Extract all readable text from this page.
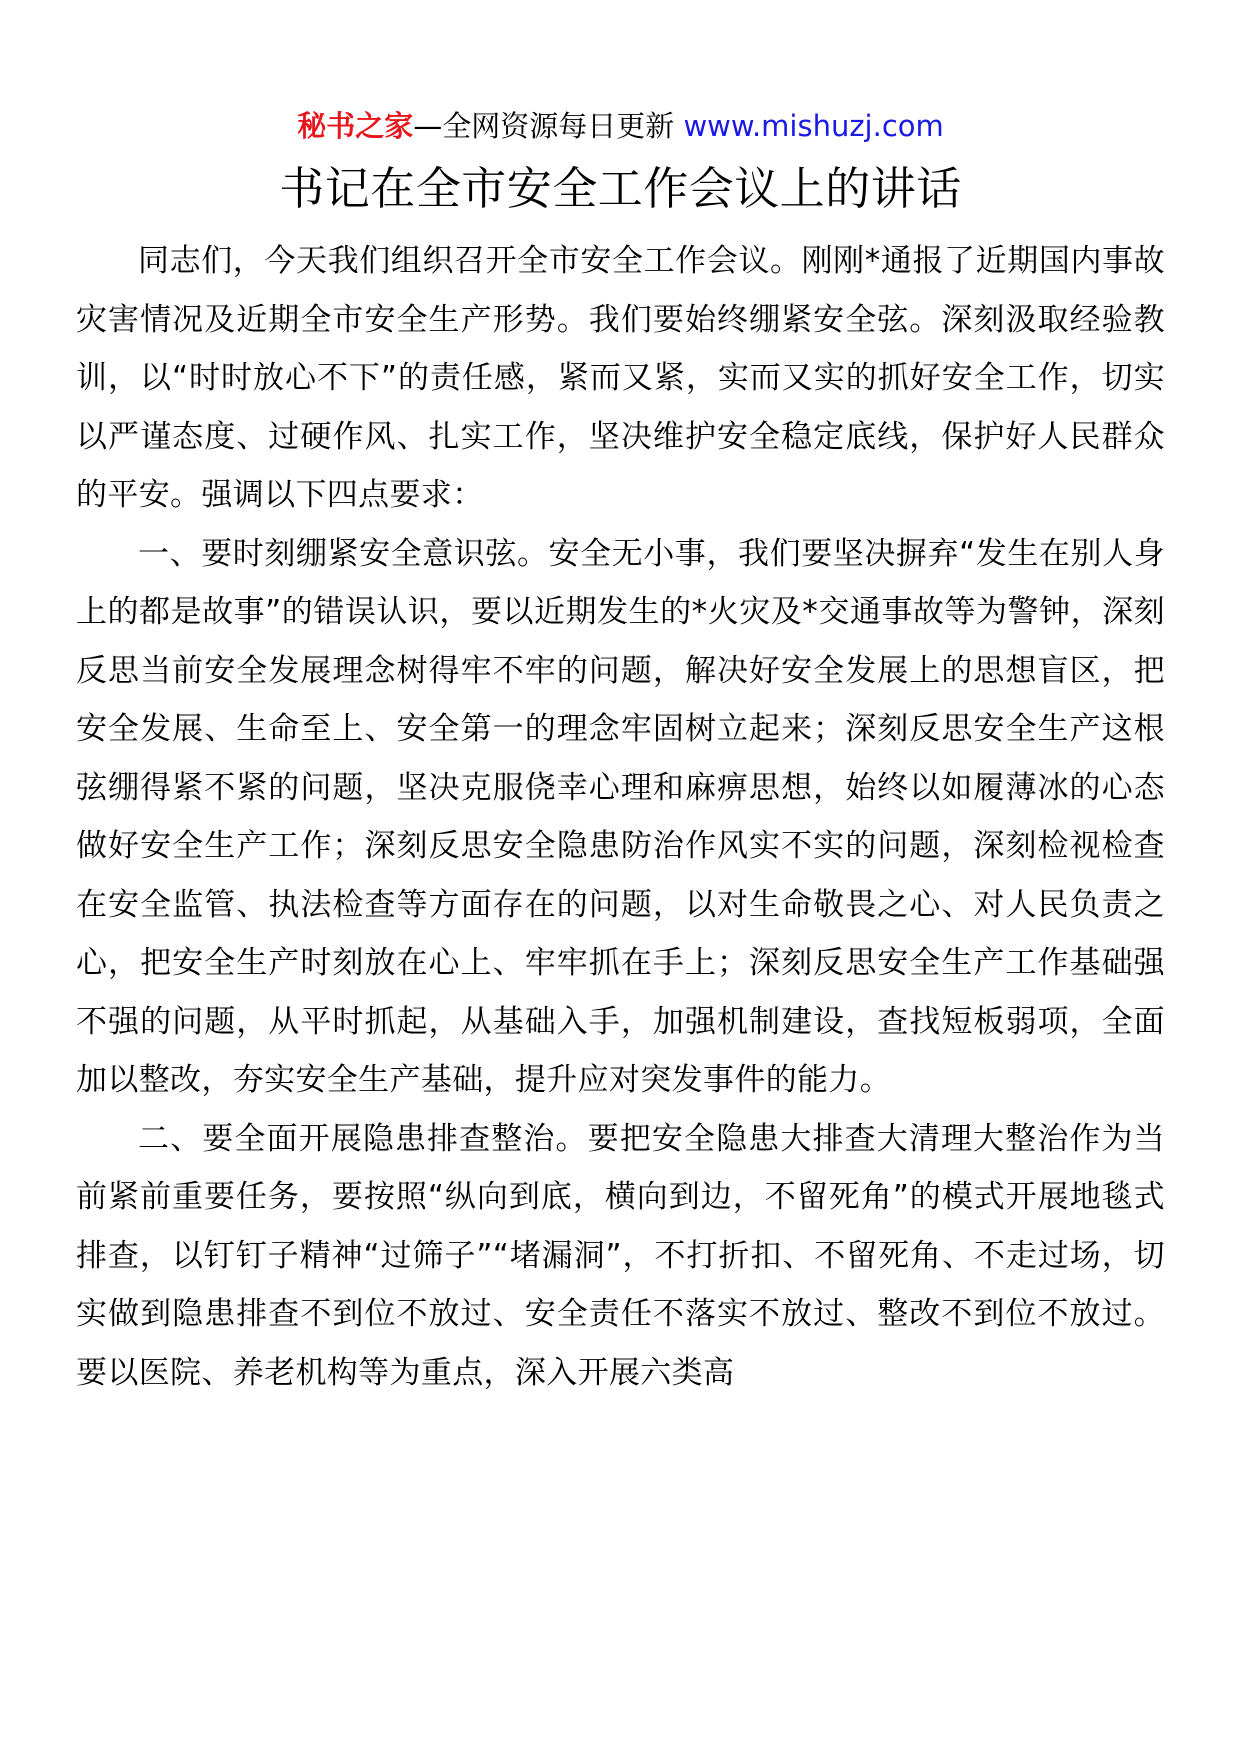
秘书之家—全网资源每日更新 www.mishuzj.com
书记在全市安全工作会议上的讲话

同志们，今天我们组织召开全市安全工作会议。刚刚*通报了近期国内事故灾害情况及近期全市安全生产形势。我们要始终绷紧安全弦。深刻汲取经验教训，以“时时放心不下”的责任感，紧而又紧，实而又实的抓好安全工作，切实以严谨态度、过硬作风、扎实工作，坚决维护安全稳定底线，保护好人民群众的平安。强调以下四点要求：

一、要时刻绷紧安全意识弦。安全无小事，我们要坚决摒弃“发生在别人身上的都是故事”的错误认识，要以近期发生的*火灾及*交通事故等为警钟，深刻反思当前安全发展理念树得牢不牢的问题，解决好安全发展上的思想盲区，把安全发展、生命至上、安全第一的理念牢固树立起来；深刻反思安全生产这根弦绷得紧不紧的问题，坚决克服侥幸心理和麻痹思想，始终以如履薄冰的心态做好安全生产工作；深刻反思安全隐患防治作风实不实的问题，深刻检视检查在安全监管、执法检查等方面存在的问题，以对生命敬畏之心、对人民负责之心，把安全生产时刻放在心上、牢牢抓在手上；深刻反思安全生产工作基础强不强的问题，从平时抓起，从基础入手，加强机制建设，查找短板弱项，全面加以整改，夯实安全生产基础，提升应对突发事件的能力。

二、要全面开展隐患排查整治。要把安全隐患大排查大清理大整治作为当前紧前重要任务，要按照“纵向到底，横向到边，不留死角”的模式开展地毯式排查，以钉钉子精神“过筛子”“堵漏洞”，不打折扣、不留死角、不走过场，切实做到隐患排查不到位不放过、安全责任不落实不放过、整改不到位不放过。要以医院、养老机构等为重点，深入开展六类高
